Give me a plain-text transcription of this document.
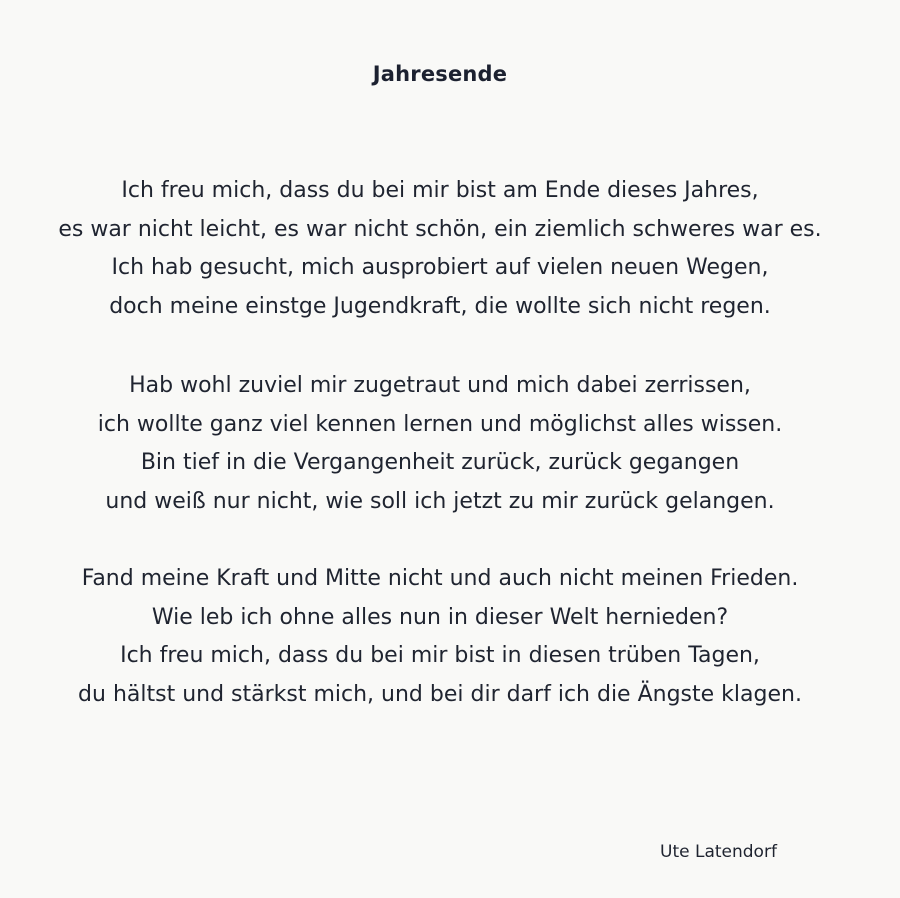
Jahresende
Ich freu mich, dass du bei mir bist am Ende dieses Jahres,
es war nicht leicht, es war nicht schön, ein ziemlich schweres war es.
Ich hab gesucht, mich ausprobiert auf vielen neuen Wegen,
doch meine einstge Jugendkraft, die wollte sich nicht regen.
Hab wohl zuviel mir zugetraut und mich dabei zerrissen,
ich wollte ganz viel kennen lernen und möglichst alles wissen.
Bin tief in die Vergangenheit zurück, zurück gegangen
und weiß nur nicht, wie soll ich jetzt zu mir zurück gelangen.
Fand meine Kraft und Mitte nicht und auch nicht meinen Frieden.
Wie leb ich ohne alles nun in dieser Welt hernieden?
Ich freu mich, dass du bei mir bist in diesen trüben Tagen,
du hältst und stärkst mich, und bei dir darf ich die Ängste klagen.
Ute Latendorf
